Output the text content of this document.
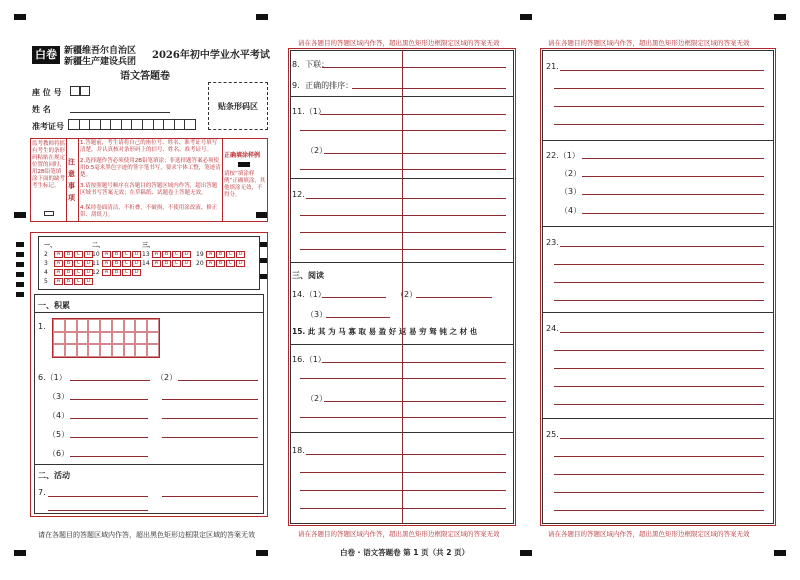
白卷 新疆维吾尔自治区
新疆生产建设兵团
2026年初中学业水平考试
语文答题卷
座 位 号
姓 名
准考证号
贴条形码区
监考教师将摇有考生的条形码粘贴在规定位置的同时，用2B铅笔填涂下面的缺考考生标记。
注意事项
1.答题前，考生请将自己的座位号、姓名、准考证号填写清楚，并认真核对条形码上的信号、姓名、准考证号。
2.选择题作答必须使用2B铅笔填涂；非选择题答案必须使用0.5毫米黑色字迹的签字笔书写，要求字体工整，笔迹清楚。
3.请按照题号顺序在各题目的答题区域内作答，超出答题区域书写答案无效；在草稿纸、试题卷上答题无效。
4.保持卷面清洁，不折叠，不破损，不使用涂改液、修正带、刮纸刀。
正确填涂样例
请按“填涂样例”正确填涂，其他填涂无效，不得分。
一、	二、	三、
2 A B C D
3 A B C D
4 A B C D
5 A B C D
10 A B C D
11 A B C D
12 A B C D
13 A B C D
14 A B C D
19 A B C D
20 A B C D
一、积累
1.
6.（1）	（2）
（3）
（4）
（5）
（6）
二、活动
7.
请在各题目的答题区域内作答，超出黑色矩形边框限定区域的答案无效
请在各题目的答题区域内作答，超出黑色矩形边框限定区域的答案无效
8．下联：
9．正确的排序：
11.（1）
（2）
12.
三、阅读
14.（1）	（2）
（3）
15. 此 其 为 马 寡 取 易 盈 好 返 易 穷 驽 钝 之 材 也
16.（1）
（2）
18.
请在各题目的答题区域内作答，超出黑色矩形边框限定区域的答案无效
请在各题目的答题区域内作答，超出黑色矩形边框限定区域的答案无效
21.
22.（1）
（2）
（3）
（4）
23.
24.
25.
请在各题目的答题区域内作答，超出黑色矩形边框限定区域的答案无效
白卷 · 语文答题卷 第 1 页（共 2 页）
